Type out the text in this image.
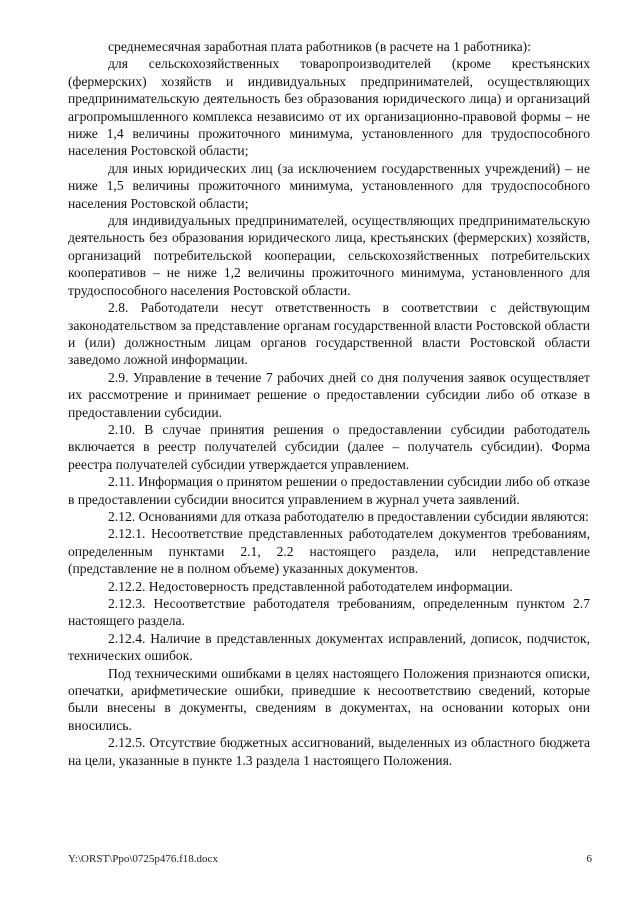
среднемесячная заработная плата работников (в расчете на 1 работника):

для сельскохозяйственных товаропроизводителей (кроме крестьянских (фермерских) хозяйств и индивидуальных предпринимателей, осуществляющих предпринимательскую деятельность без образования юридического лица) и организаций агропромышленного комплекса независимо от их организационно-правовой формы – не ниже 1,4 величины прожиточного минимума, установленного для трудоспособного населения Ростовской области;

для иных юридических лиц (за исключением государственных учреждений) – не ниже 1,5 величины прожиточного минимума, установленного для трудоспособного населения Ростовской области;

для индивидуальных предпринимателей, осуществляющих предпринимательскую деятельность без образования юридического лица, крестьянских (фермерских) хозяйств, организаций потребительской кооперации, сельскохозяйственных потребительских кооперативов – не ниже 1,2 величины прожиточного минимума, установленного для трудоспособного населения Ростовской области.

2.8. Работодатели несут ответственность в соответствии с действующим законодательством за представление органам государственной власти Ростовской области и (или) должностным лицам органов государственной власти Ростовской области заведомо ложной информации.

2.9. Управление в течение 7 рабочих дней со дня получения заявок осуществляет их рассмотрение и принимает решение о предоставлении субсидии либо об отказе в предоставлении субсидии.

2.10. В случае принятия решения о предоставлении субсидии работодатель включается в реестр получателей субсидии (далее – получатель субсидии). Форма реестра получателей субсидии утверждается управлением.

2.11. Информация о принятом решении о предоставлении субсидии либо об отказе в предоставлении субсидии вносится управлением в журнал учета заявлений.

2.12. Основаниями для отказа работодателю в предоставлении субсидии являются:

2.12.1. Несоответствие представленных работодателем документов требованиям, определенным пунктами 2.1, 2.2 настоящего раздела, или непредставление (представление не в полном объеме) указанных документов.

2.12.2. Недостоверность представленной работодателем информации.

2.12.3. Несоответствие работодателя требованиям, определенным пунктом 2.7 настоящего раздела.

2.12.4. Наличие в представленных документах исправлений, дописок, подчисток, технических ошибок.

Под техническими ошибками в целях настоящего Положения признаются описки, опечатки, арифметические ошибки, приведшие к несоответствию сведений, которые были внесены в документы, сведениям в документах, на основании которых они вносились.

2.12.5. Отсутствие бюджетных ассигнований, выделенных из областного бюджета на цели, указанные в пункте 1.3 раздела 1 настоящего Положения.

Y:\ORST\Ppo\0725p476.f18.docx	6
